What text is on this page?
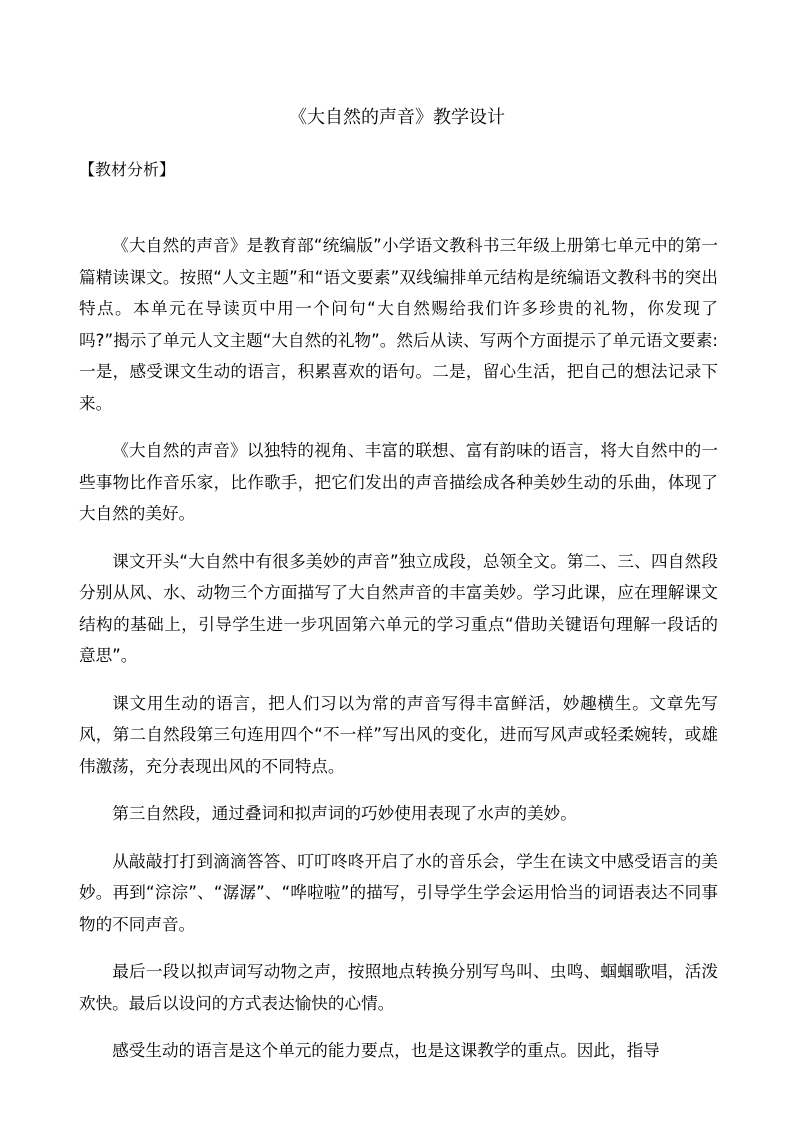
《大自然的声音》教学设计
【教材分析】

《大自然的声音》是教育部“统编版”小学语文教科书三年级上册第七单元中的第一篇精读课文。按照“人文主题”和“语文要素”双线编排单元结构是统编语文教科书的突出特点。本单元在导读页中用一个问句“大自然赐给我们许多珍贵的礼物，你发现了吗?”揭示了单元人文主题“大自然的礼物”。然后从读、写两个方面提示了单元语文要素:一是，感受课文生动的语言，积累喜欢的语句。二是，留心生活，把自己的想法记录下来。

《大自然的声音》以独特的视角、丰富的联想、富有韵味的语言，将大自然中的一些事物比作音乐家，比作歌手，把它们发出的声音描绘成各种美妙生动的乐曲，体现了大自然的美好。

课文开头“大自然中有很多美妙的声音”独立成段，总领全文。第二、三、四自然段分别从风、水、动物三个方面描写了大自然声音的丰富美妙。学习此课，应在理解课文结构的基础上，引导学生进一步巩固第六单元的学习重点“借助关键语句理解一段话的意思”。

课文用生动的语言，把人们习以为常的声音写得丰富鲜活，妙趣横生。文章先写风，第二自然段第三句连用四个“不一样”写出风的变化，进而写风声或轻柔婉转，或雄伟激荡，充分表现出风的不同特点。

第三自然段，通过叠词和拟声词的巧妙使用表现了水声的美妙。

从敲敲打打到滴滴答答、叮叮咚咚开启了水的音乐会，学生在读文中感受语言的美妙。再到“淙淙”、“潺潺”、“哗啦啦”的描写，引导学生学会运用恰当的词语表达不同事物的不同声音。

最后一段以拟声词写动物之声，按照地点转换分别写鸟叫、虫鸣、蝈蝈歌唱，活泼欢快。最后以设问的方式表达愉快的心情。

感受生动的语言是这个单元的能力要点，也是这课教学的重点。因此，指导
